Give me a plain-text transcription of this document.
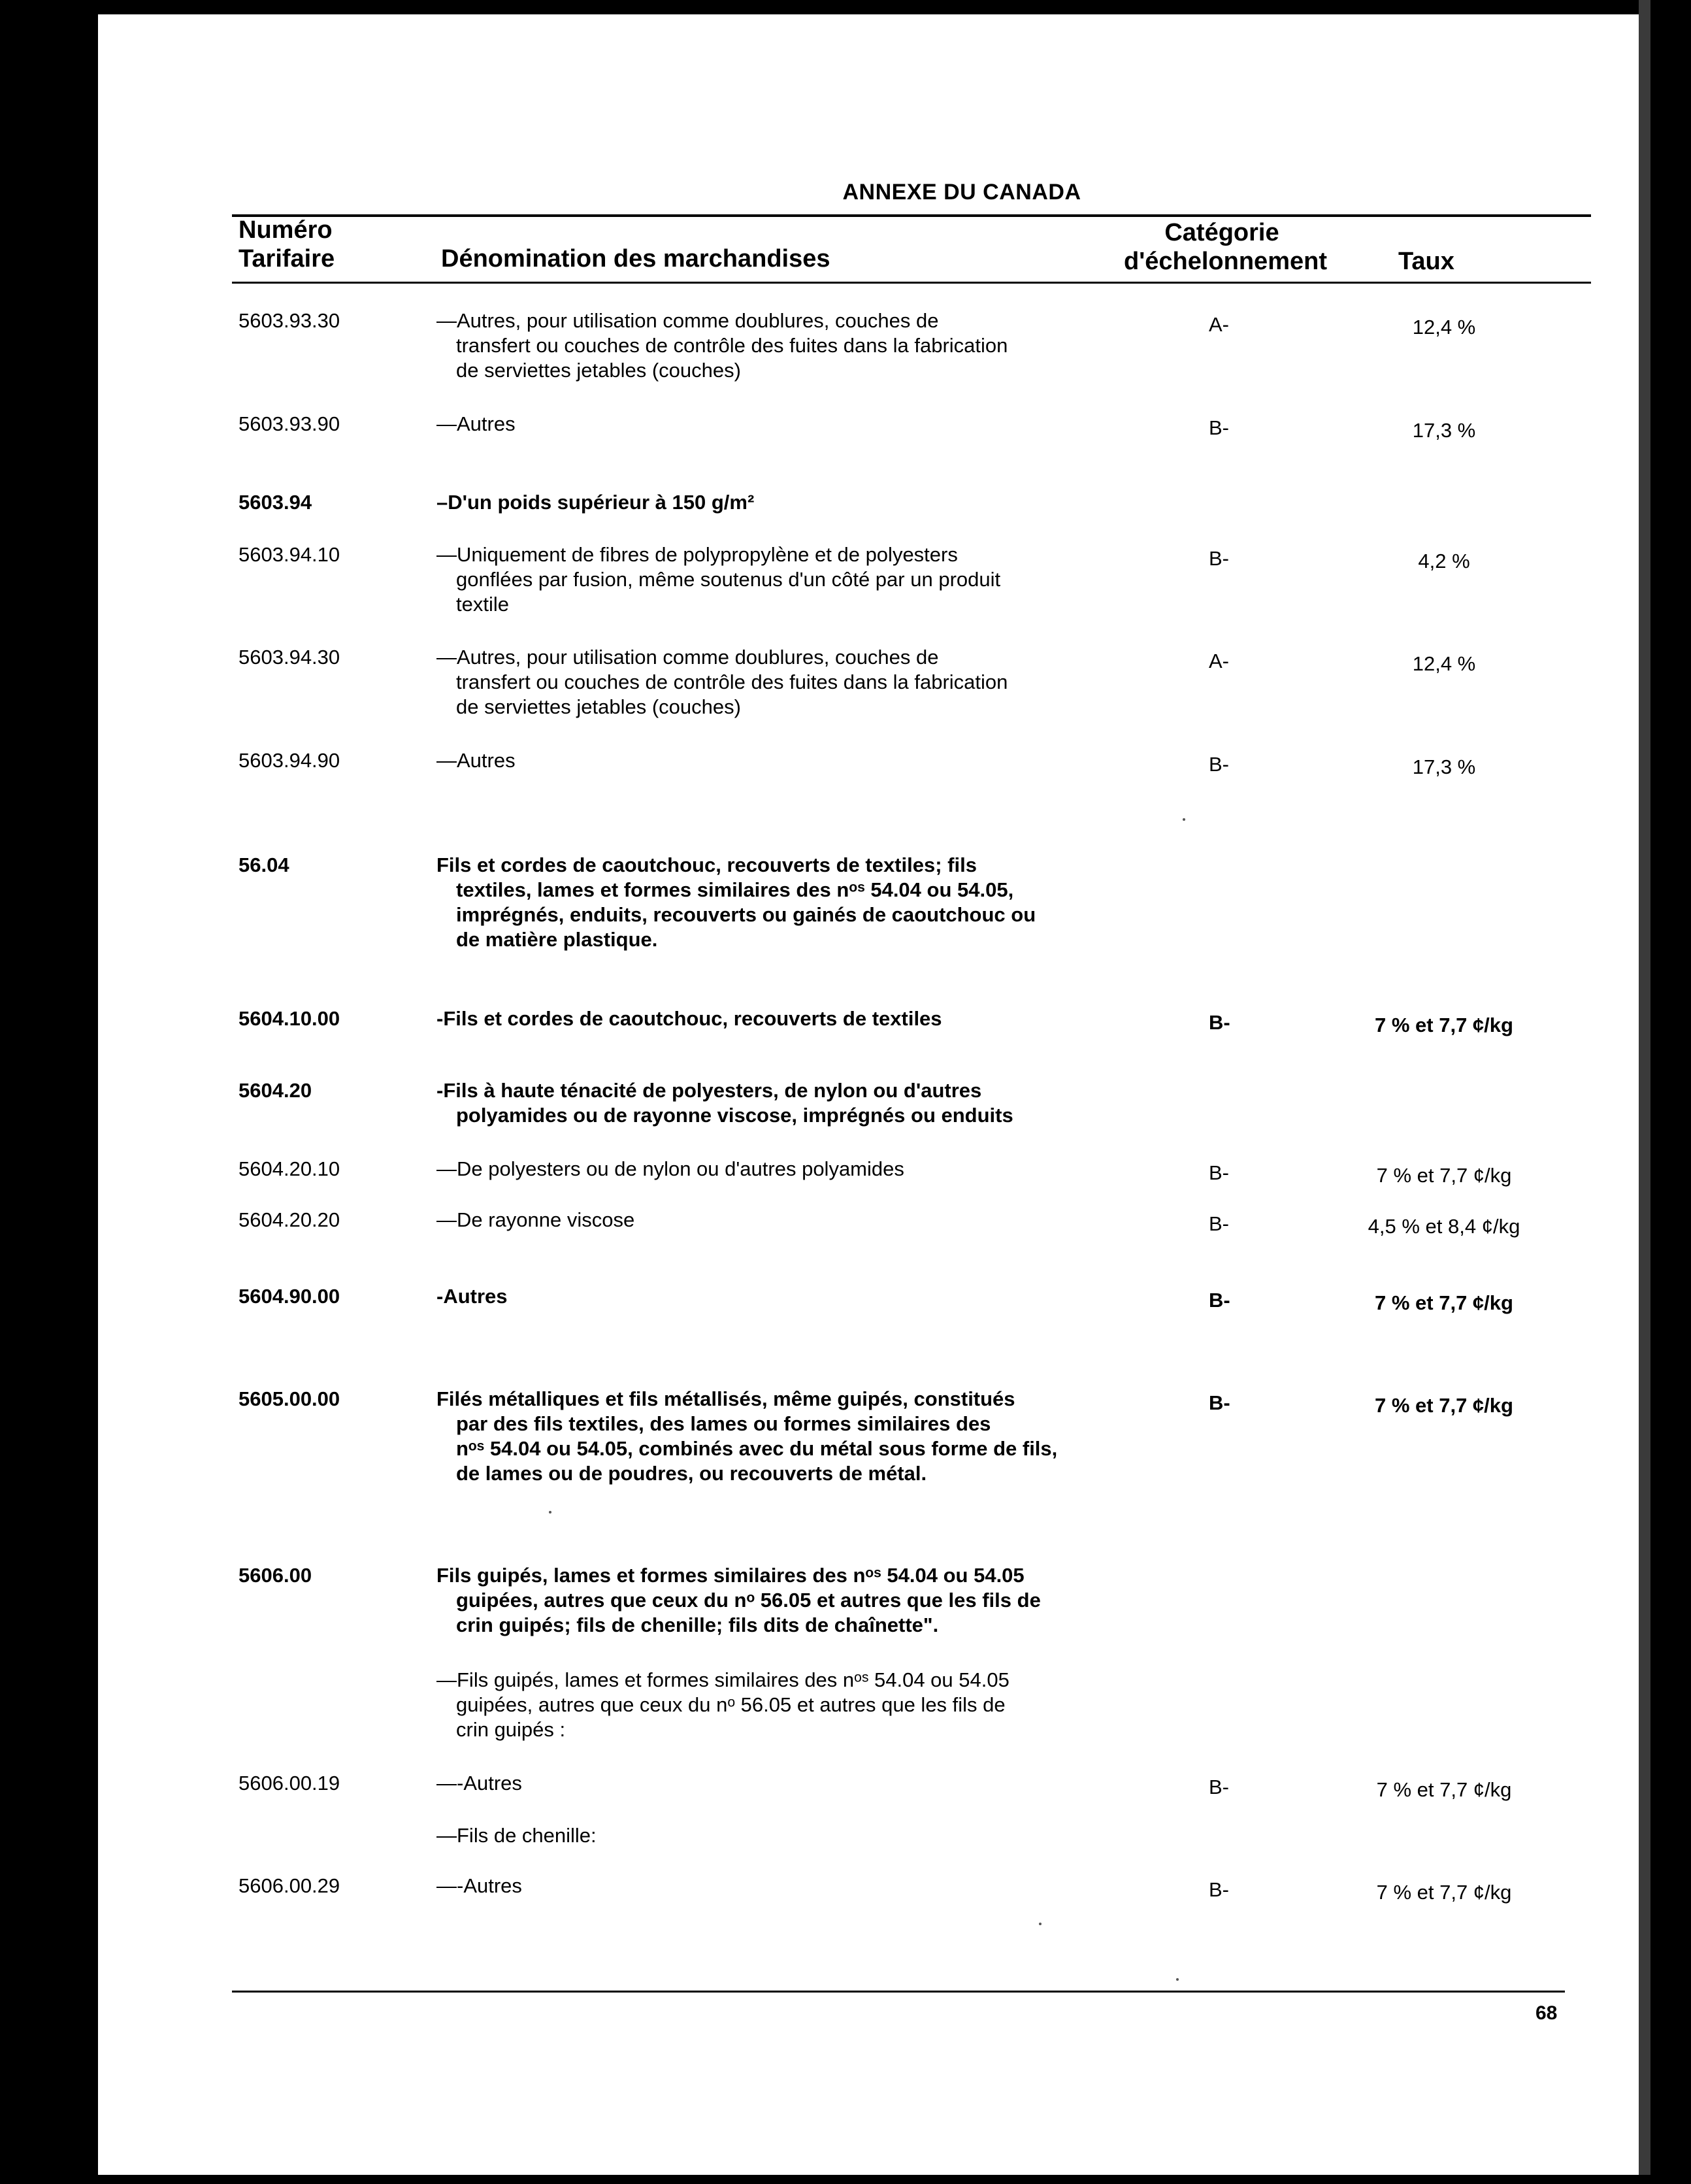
ANNEXE DU CANADA
Numéro
Tarifaire	Dénomination des marchandises
Catégorie
d'échelonnement	Taux
5603.93.30	—Autres, pour utilisation comme doublures, couches de
transfert ou couches de contrôle des fuites dans la fabrication
de serviettes jetables (couches)
A-	12,4 %
5603.93.90	—Autres	B-	17,3 %
5603.94	–D'un poids supérieur à 150 g/m²
5603.94.10	—Uniquement de fibres de polypropylène et de polyesters
gonflées par fusion, même soutenus d'un côté par un produit
textile
B-	4,2 %
5603.94.30	—Autres, pour utilisation comme doublures, couches de
transfert ou couches de contrôle des fuites dans la fabrication
de serviettes jetables (couches)
A-	12,4 %
5603.94.90	—Autres	B-	17,3 %
56.04	Fils et cordes de caoutchouc, recouverts de textiles; fils
textiles, lames et formes similaires des nᵒˢ 54.04 ou 54.05,
imprégnés, enduits, recouverts ou gainés de caoutchouc ou
de matière plastique.
5604.10.00	-Fils et cordes de caoutchouc, recouverts de textiles	B-	7 % et 7,7 ¢/kg
5604.20	-Fils à haute ténacité de polyesters, de nylon ou d'autres
polyamides ou de rayonne viscose, imprégnés ou enduits
5604.20.10	—De polyesters ou de nylon ou d'autres polyamides	B-	7 % et 7,7 ¢/kg
5604.20.20	—De rayonne viscose	B-	4,5 % et 8,4 ¢/kg
5604.90.00	-Autres	B-	7 % et 7,7 ¢/kg
5605.00.00	Filés métalliques et fils métallisés, même guipés, constitués
par des fils textiles, des lames ou formes similaires des
nᵒˢ 54.04 ou 54.05, combinés avec du métal sous forme de fils,
de lames ou de poudres, ou recouverts de métal.
B-	7 % et 7,7 ¢/kg
5606.00	Fils guipés, lames et formes similaires des nᵒˢ 54.04 ou 54.05
guipées, autres que ceux du nᵒ 56.05 et autres que les fils de
crin guipés; fils de chenille; fils dits de chaînette".
—Fils guipés, lames et formes similaires des nᵒˢ 54.04 ou 54.05
guipées, autres que ceux du nᵒ 56.05 et autres que les fils de
crin guipés :
5606.00.19	—-Autres	B-	7 % et 7,7 ¢/kg
—Fils de chenille:
5606.00.29	—-Autres	B-	7 % et 7,7 ¢/kg
68
